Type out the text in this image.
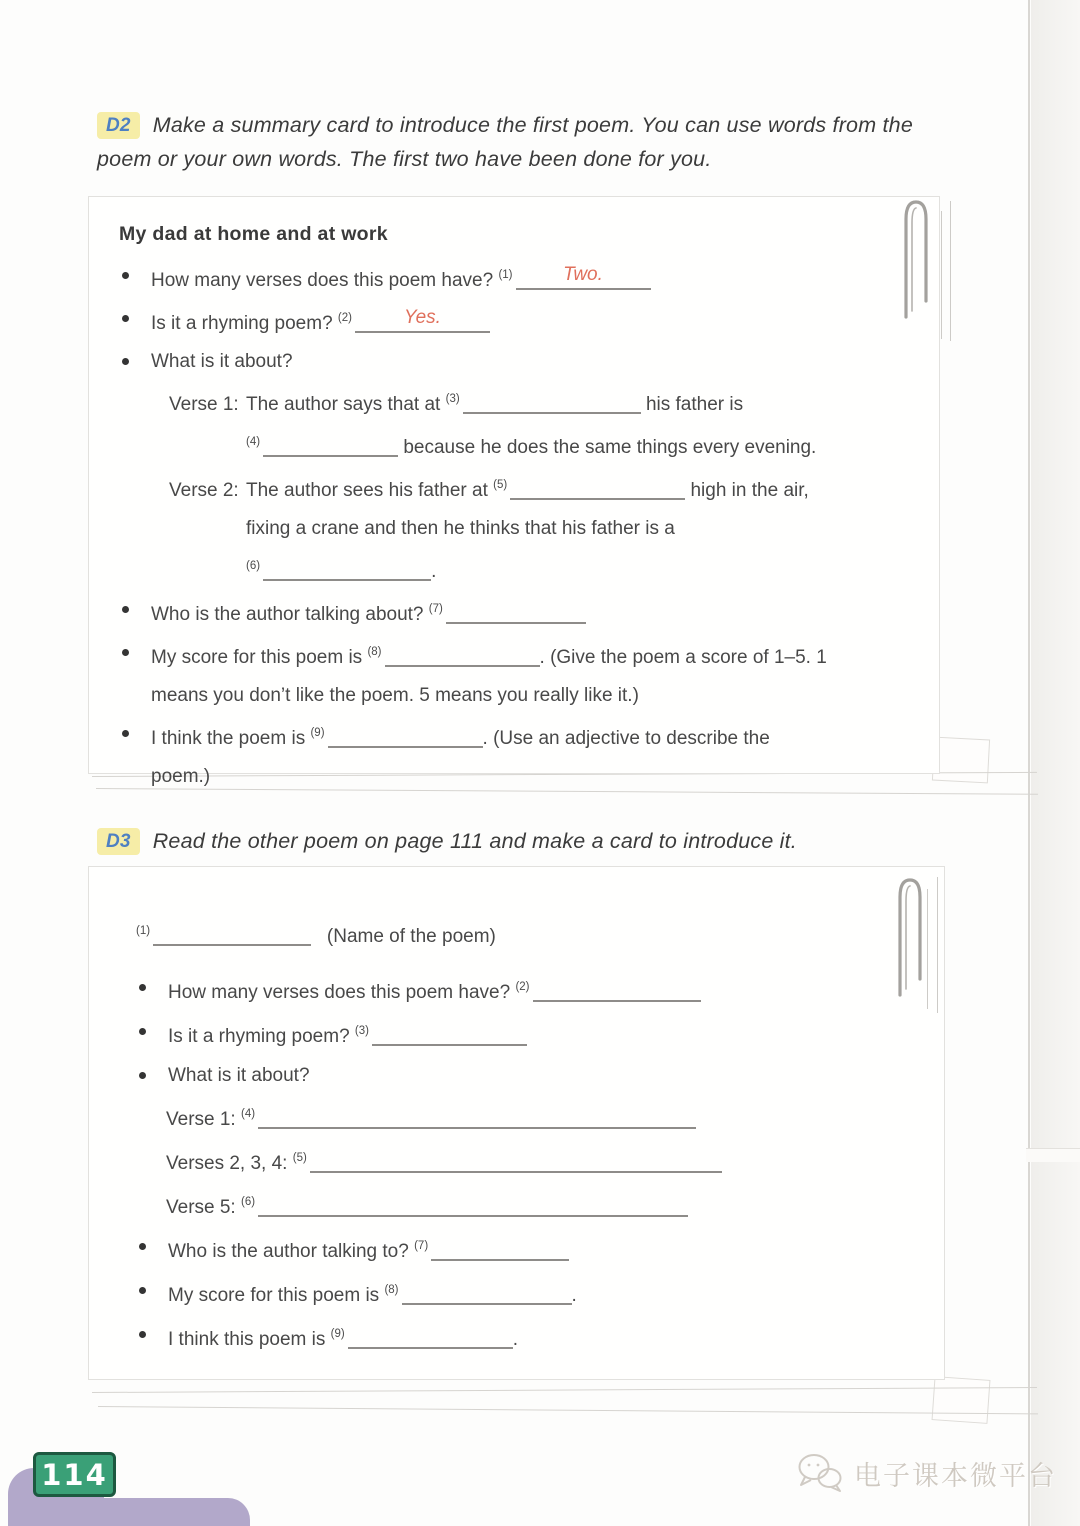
D2 Make a summary card to introduce the first poem. You can use words from the poem or your own words. The first two have been done for you.

My dad at home and at work
How many verses does this poem have? $^{(1)}$	Two.
Is it a rhyming poem? $^{(2)}$	Yes.
What is it about?
Verse 1: The author says that at $^{(3)}$	his father is
$^{(4)}$	because he does the same things every evening.
Verse 2: The author sees his father at $^{(5)}$	high in the air,
fixing a crane and then he thinks that his father is a
$^{(6)}$	.
Who is the author talking about? $^{(7)}$
My score for this poem is $^{(8)}$	. (Give the poem a score of 1–5. 1
means you don’t like the poem. 5 means you really like it.)
I think the poem is $^{(9)}$	. (Use an adjective to describe the
poem.)

D3 Read the other poem on page 111 and make a card to introduce it.

$^{(1)}$	(Name of the poem)
How many verses does this poem have? $^{(2)}$
Is it a rhyming poem? $^{(3)}$
What is it about?
Verse 1: $^{(4)}$
Verses 2, 3, 4: $^{(5)}$
Verse 5: $^{(6)}$
Who is the author talking to? $^{(7)}$
My score for this poem is $^{(8)}$	.
I think this poem is $^{(9)}$	.
114	电子课本微平台
